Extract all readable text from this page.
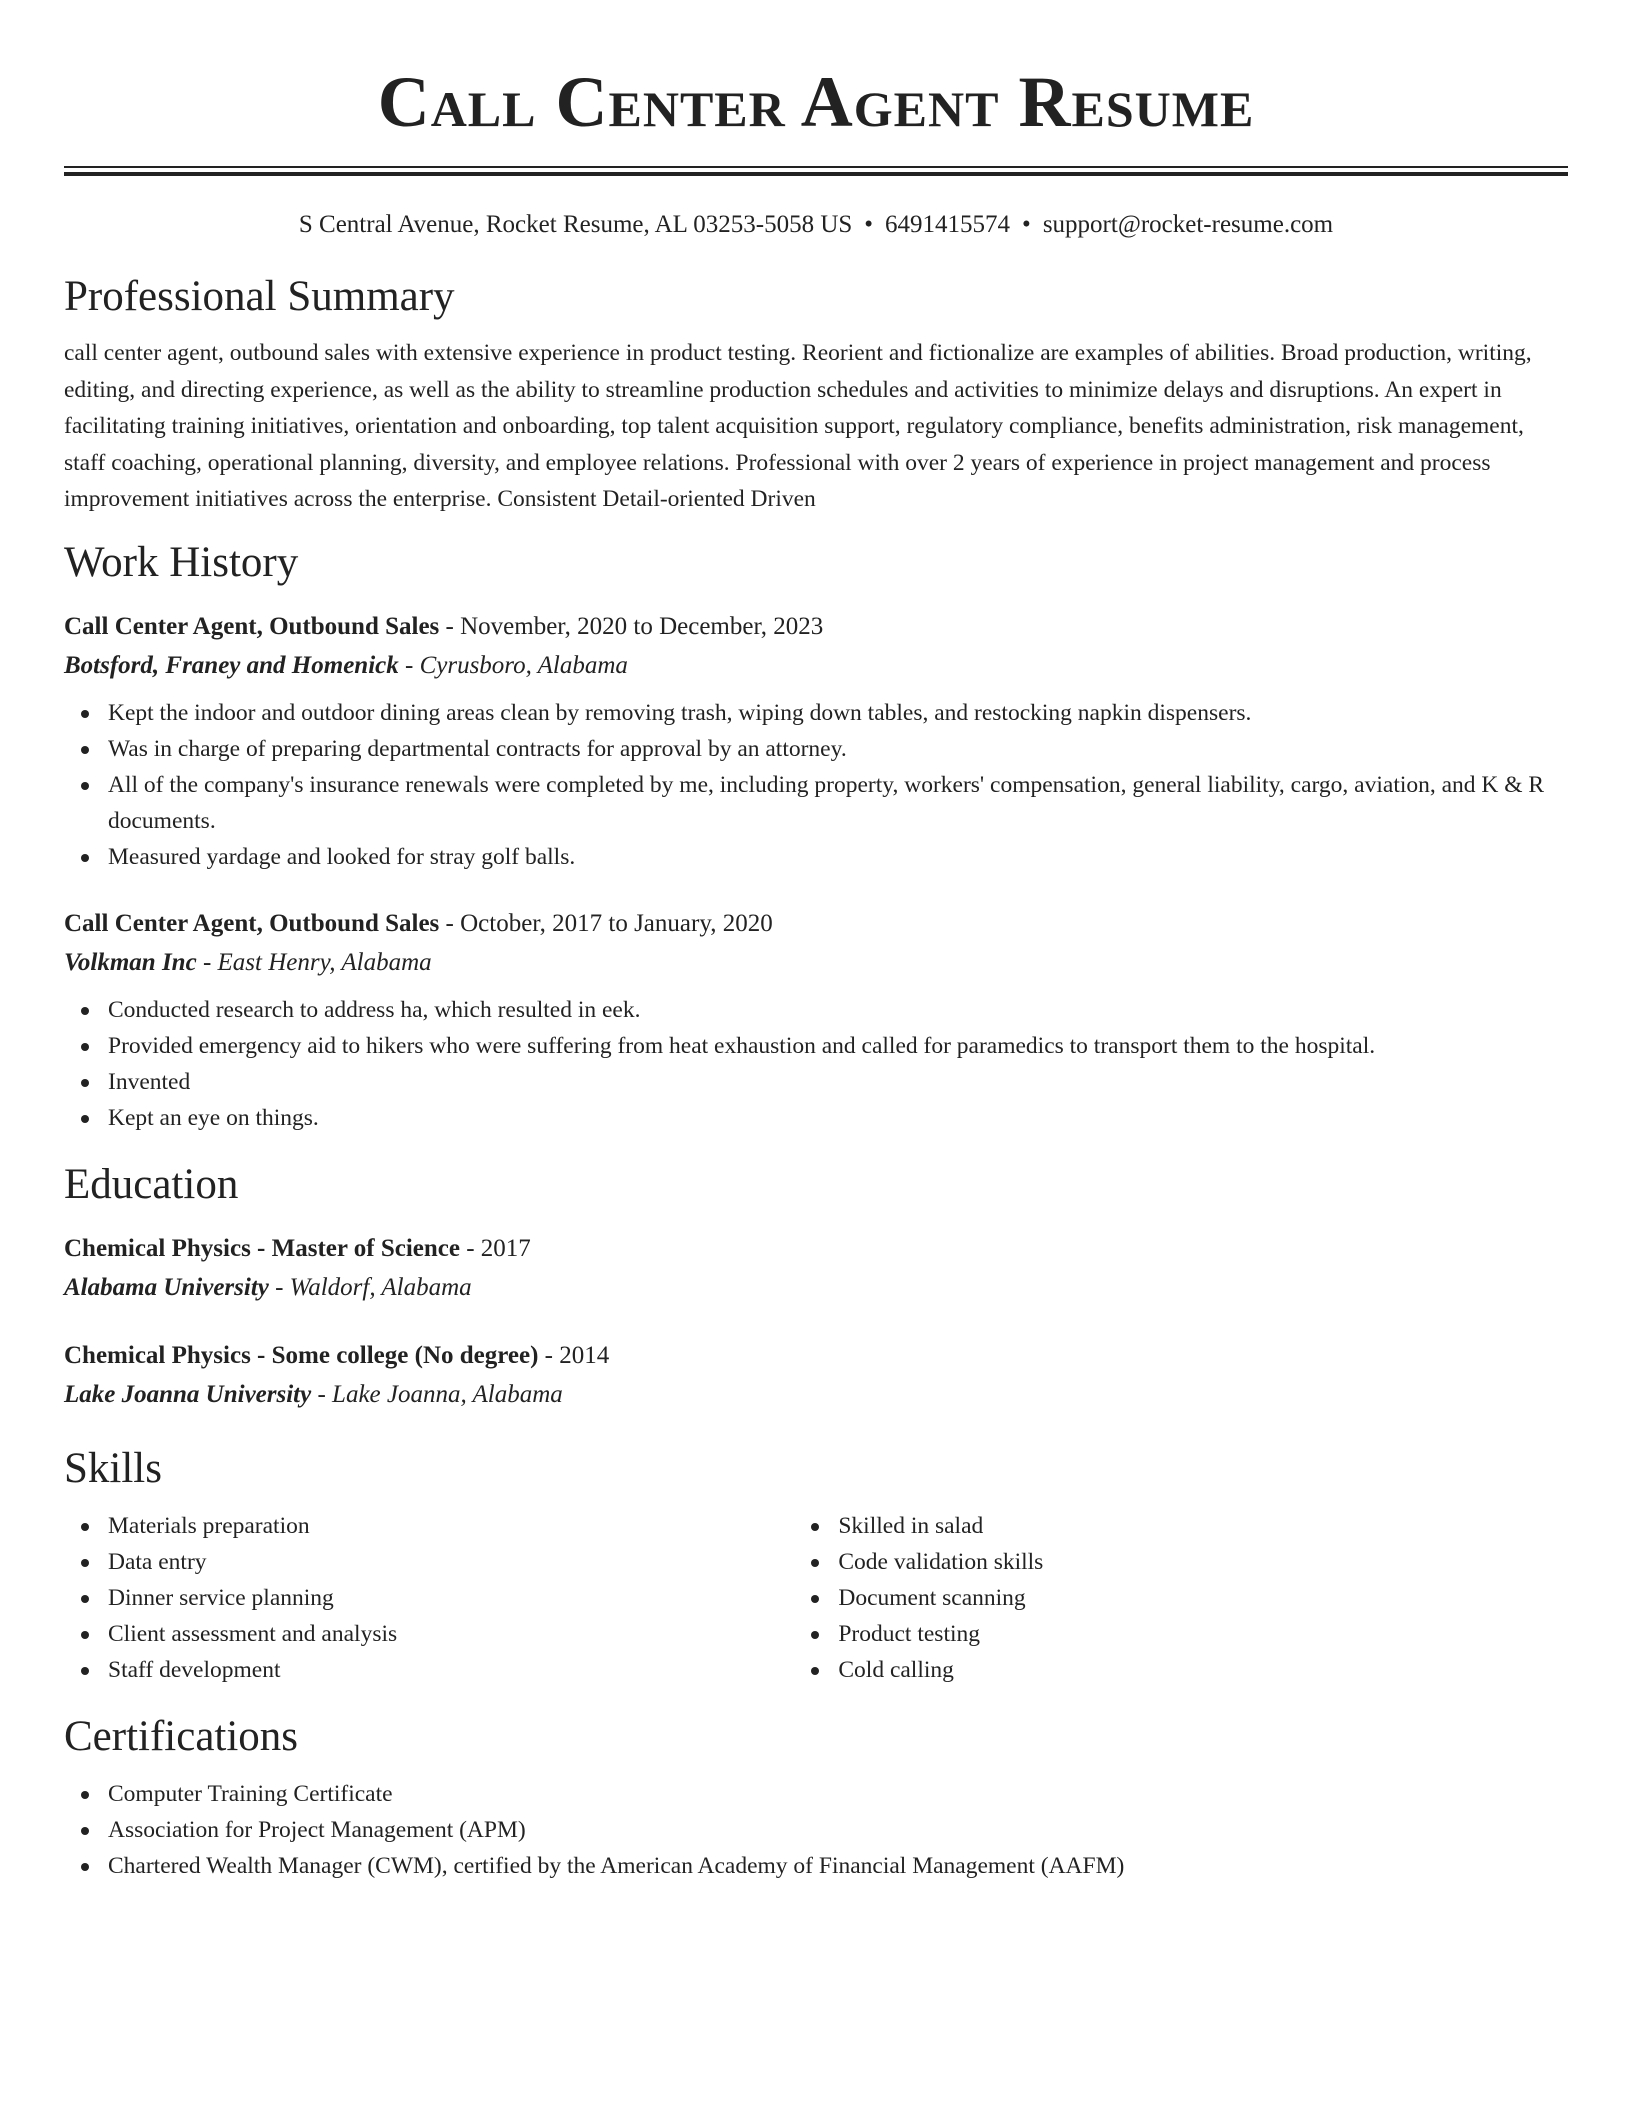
Call Center Agent Resume
S Central Avenue, Rocket Resume, AL 03253-5058 US • 6491415574 • support@rocket-resume.com
Professional Summary

call center agent, outbound sales with extensive experience in product testing. Reorient and fictionalize are examples of abilities. Broad production, writing, editing, and directing experience, as well as the ability to streamline production schedules and activities to minimize delays and disruptions. An expert in facilitating training initiatives, orientation and onboarding, top talent acquisition support, regulatory compliance, benefits administration, risk management, staff coaching, operational planning, diversity, and employee relations. Professional with over 2 years of experience in project management and process improvement initiatives across the enterprise. Consistent Detail-oriented Driven

Work History
Call Center Agent, Outbound Sales - November, 2020 to December, 2023
Botsford, Franey and Homenick - Cyrusboro, Alabama
Kept the indoor and outdoor dining areas clean by removing trash, wiping down tables, and restocking napkin dispensers.
Was in charge of preparing departmental contracts for approval by an attorney.
All of the company's insurance renewals were completed by me, including property, workers' compensation, general liability, cargo, aviation, and K & R documents.
Measured yardage and looked for stray golf balls.
Call Center Agent, Outbound Sales - October, 2017 to January, 2020
Volkman Inc - East Henry, Alabama
Conducted research to address ha, which resulted in eek.
Provided emergency aid to hikers who were suffering from heat exhaustion and called for paramedics to transport them to the hospital.
Invented
Kept an eye on things.
Education
Chemical Physics - Master of Science - 2017
Alabama University - Waldorf, Alabama
Chemical Physics - Some college (No degree) - 2014
Lake Joanna University - Lake Joanna, Alabama
Skills
Materials preparation
Data entry
Dinner service planning
Client assessment and analysis
Staff development
Skilled in salad
Code validation skills
Document scanning
Product testing
Cold calling
Certifications
Computer Training Certificate
Association for Project Management (APM)
Chartered Wealth Manager (CWM), certified by the American Academy of Financial Management (AAFM)
